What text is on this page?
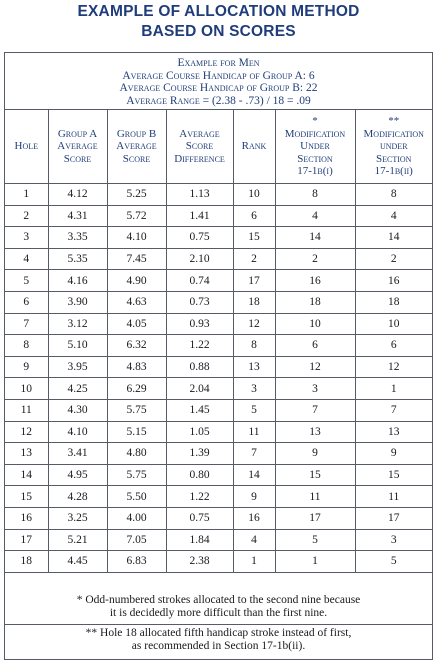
EXAMPLE OF ALLOCATION METHOD
BASED ON SCORES
Example for Men
Average Course Handicap of Group A: 6
Average Course Handicap of Group B: 22
Average Range = (2.38 - .73) / 18 = .09
Hole	Group A
Average
Score	Group B
Average
Score	Average
Score
Difference	Rank	*
Modification
Under
Section
17-1b(i)	**
Modification
under
Section
17-1b(ii)
1	4.12	5.25	1.13	10	8	8
2	4.31	5.72	1.41	6	4	4
3	3.35	4.10	0.75	15	14	14
4	5.35	7.45	2.10	2	2	2
5	4.16	4.90	0.74	17	16	16
6	3.90	4.63	0.73	18	18	18
7	3.12	4.05	0.93	12	10	10
8	5.10	6.32	1.22	8	6	6
9	3.95	4.83	0.88	13	12	12
10	4.25	6.29	2.04	3	3	1
11	4.30	5.75	1.45	5	7	7
12	4.10	5.15	1.05	11	13	13
13	3.41	4.80	1.39	7	9	9
14	4.95	5.75	0.80	14	15	15
15	4.28	5.50	1.22	9	11	11
16	3.25	4.00	0.75	16	17	17
17	5.21	7.05	1.84	4	5	3
18	4.45	6.83	2.38	1	1	5
* Odd-numbered strokes allocated to the second nine because
it is decidedly more difficult than the first nine.
** Hole 18 allocated fifth handicap stroke instead of first,
as recommended in Section 17-1b(ii).
